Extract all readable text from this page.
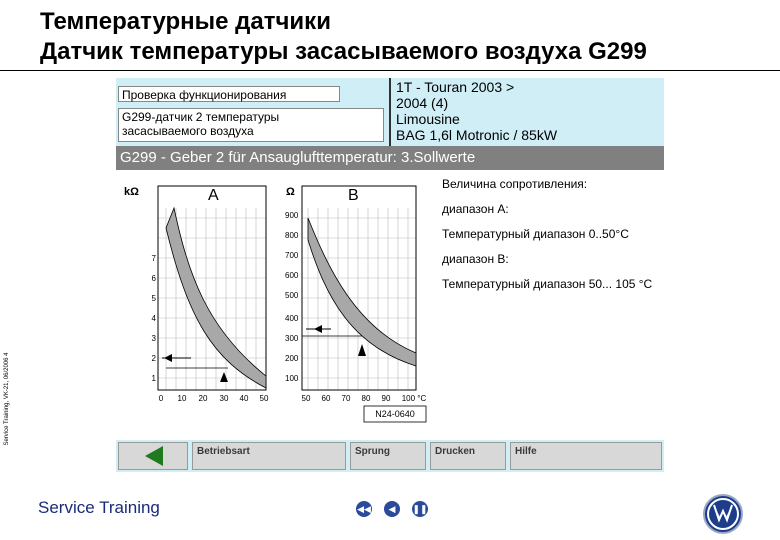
Температурные датчики
Датчик температуры засасываемого воздуха G299
Service Training, VK-21, 06/2006 4
Проверка функционирования
G299-датчик 2 температуры
засасываемого воздуха
1T - Touran 2003 >
2004 (4)
Limousine
BAG 1,6l Motronic / 85kW
G299 - Geber 2 für Ansauglufttemperatur: 3.Sollwerte
kΩ	A	Ω	B
1
2
3
4
5
6
7
0 10 20 30 40 50
100
200
300
400
500
600
700
800
900
50 60 70 80 90 100 °C
N24-0640
Величина сопротивления:
диапазон А:
Температурный диапазон 0..50°C
диапазон В:
Температурный диапазон 50... 105 °C
Betriebsart	Sprung	Drucken	Hilfe
Service Training	◀◀	◀	❚❚
